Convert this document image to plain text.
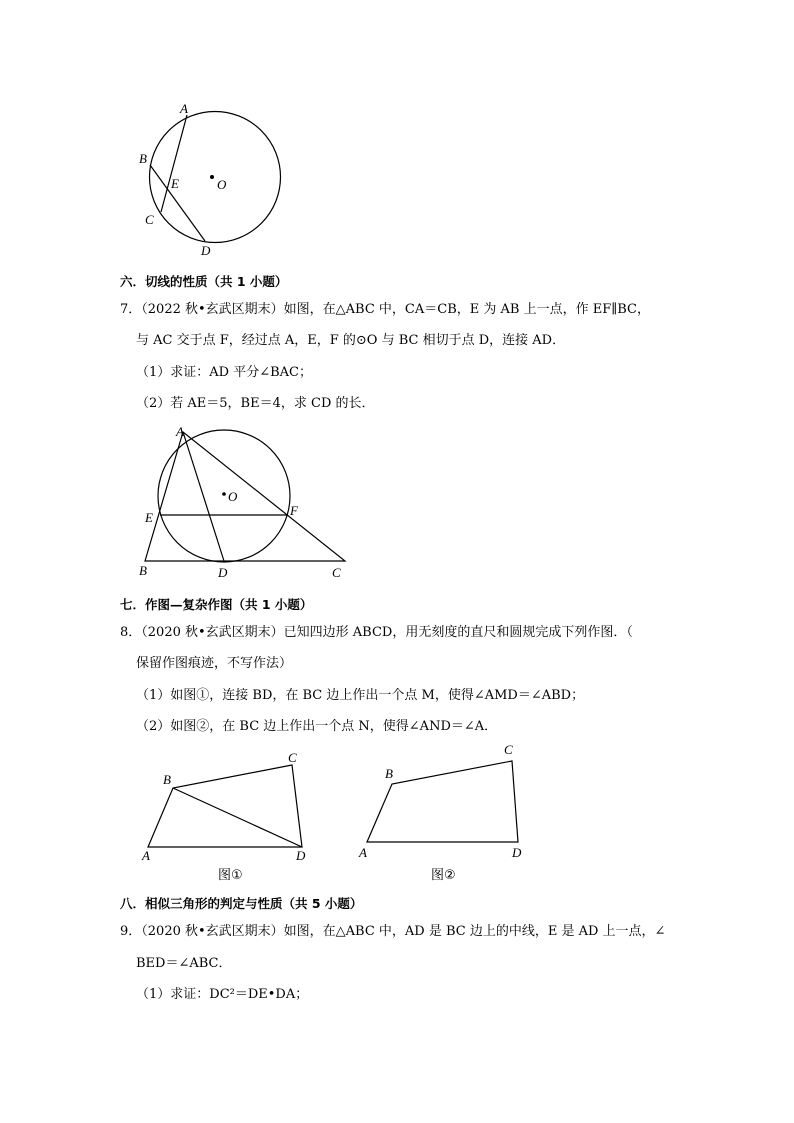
A
B
C
D
E	O
六．切线的性质（共 1 小题）
7．（2022 秋•玄武区期末）如图，在△ABC 中，CA＝CB，E 为 AB 上一点，作 EF∥BC，
与 AC 交于点 F，经过点 A，E，F 的⊙O 与 BC 相切于点 D，连接 AD．
（1）求证：AD 平分∠BAC；
（2）若 AE＝5，BE＝4，求 CD 的长．
A
B	C
D
E	F
O
七．作图—复杂作图（共 1 小题）
8．（2020 秋•玄武区期末）已知四边形 ABCD，用无刻度的直尺和圆规完成下列作图．（
保留作图痕迹，不写作法）
（1）如图①，连接 BD，在 BC 边上作出一个点 M，使得∠AMD＝∠ABD；
（2）如图②，在 BC 边上作出一个点 N，使得∠AND＝∠A．
A
B
C
D
图①
A
B
C
D
图②
八．相似三角形的判定与性质（共 5 小题）
9．（2020 秋•玄武区期末）如图，在△ABC 中，AD 是 BC 边上的中线，E 是 AD 上一点，∠
BED＝∠ABC．
（1）求证：DC²＝DE•DA；
